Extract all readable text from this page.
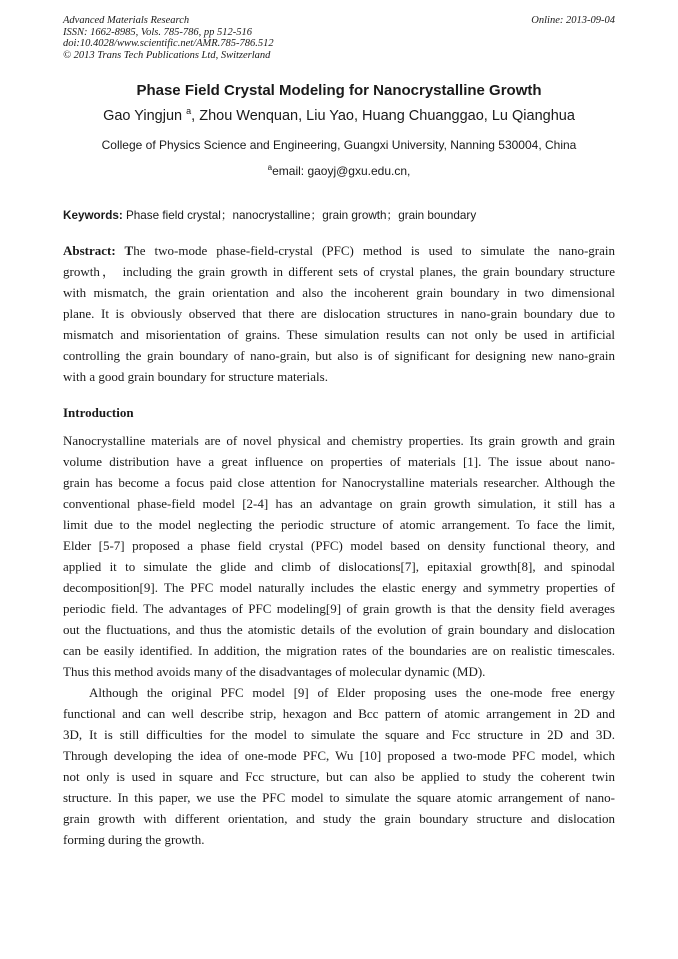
Advanced Materials Research
ISSN: 1662-8985, Vols. 785-786, pp 512-516
doi:10.4028/www.scientific.net/AMR.785-786.512
© 2013 Trans Tech Publications Ltd, Switzerland
Online: 2013-09-04
Phase Field Crystal Modeling for Nanocrystalline Growth
Gao Yingjun $^a$, Zhou Wenquan, Liu Yao, Huang Chuanggao, Lu Qianghua
College of Physics Science and Engineering, Guangxi University, Nanning 530004, China
$^a$email: gaoyj@gxu.edu.cn,
Keywords: Phase field crystal；nanocrystalline；grain growth；grain boundary
Abstract: The two-mode phase-field-crystal (PFC) method is used to simulate the nano-grain
growth， including the grain growth in different sets of crystal planes, the grain boundary structure
with mismatch, the grain orientation and also the incoherent grain boundary in two dimensional
plane. It is obviously observed that there are dislocation structures in nano-grain boundary due to
mismatch and misorientation of grains. These simulation results can not only be used in artificial
controlling the grain boundary of nano-grain, but also is of significant for designing new nano-grain
with a good grain boundary for structure materials.
Introduction
Nanocrystalline materials are of novel physical and chemistry properties. Its grain growth and grain
volume distribution have a great influence on properties of materials [1]. The issue about nano-
grain has become a focus paid close attention for Nanocrystalline materials researcher. Although the
conventional phase-field model [2-4] has an advantage on grain growth simulation, it still has a
limit due to the model neglecting the periodic structure of atomic arrangement. To face the limit,
Elder [5-7] proposed a phase field crystal (PFC) model based on density functional theory, and
applied it to simulate the glide and climb of dislocations[7], epitaxial growth[8], and spinodal
decomposition[9]. The PFC model naturally includes the elastic energy and symmetry properties of
periodic field. The advantages of PFC modeling[9] of grain growth is that the density field averages
out the fluctuations, and thus the atomistic details of the evolution of grain boundary and dislocation
can be easily identified. In addition, the migration rates of the boundaries are on realistic timescales.
Thus this method avoids many of the disadvantages of molecular dynamic (MD).
Although the original PFC model [9] of Elder proposing uses the one-mode free energy
functional and can well describe strip, hexagon and Bcc pattern of atomic arrangement in 2D and
3D, It is still difficulties for the model to simulate the square and Fcc structure in 2D and 3D.
Through developing the idea of one-mode PFC, Wu [10] proposed a two-mode PFC model, which
not only is used in square and Fcc structure, but can also be applied to study the coherent twin
structure. In this paper, we use the PFC model to simulate the square atomic arrangement of nano-
grain growth with different orientation, and study the grain boundary structure and dislocation
forming during the growth.
